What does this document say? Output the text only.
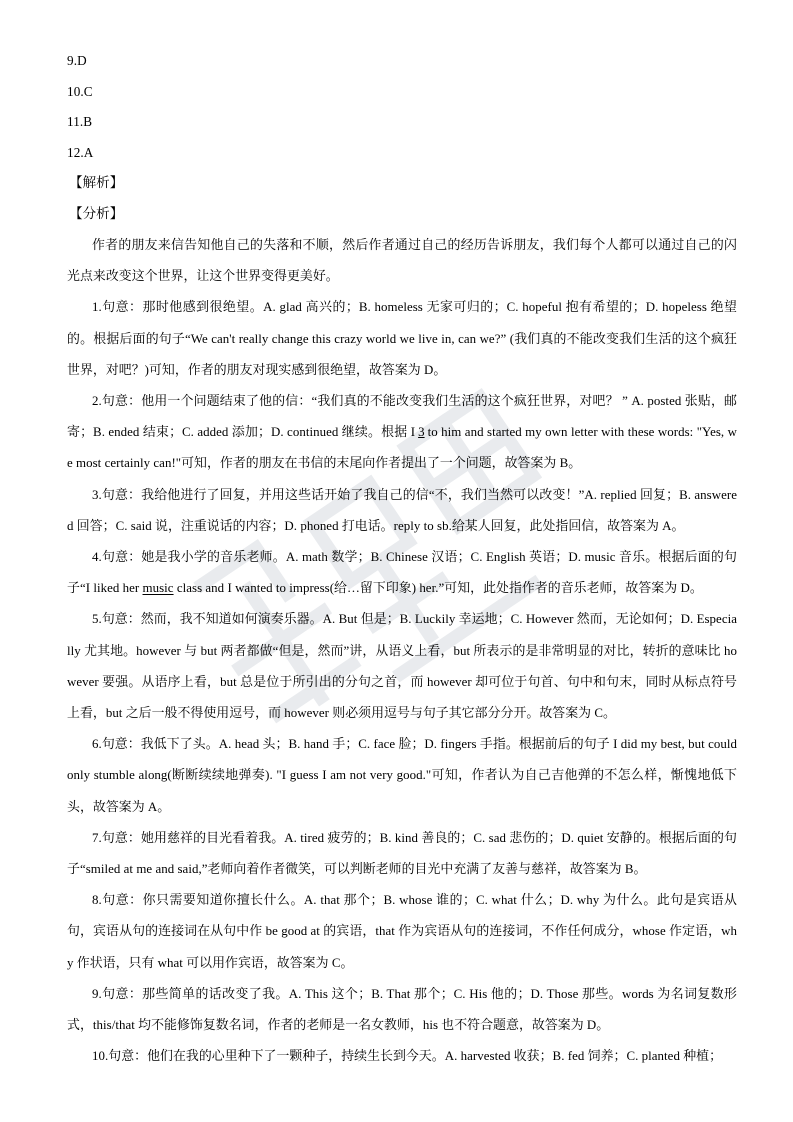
9.D
10.C
11.B
12.A
【解析】
【分析】

作者的朋友来信告知他自己的失落和不顺，然后作者通过自己的经历告诉朋友，我们每个人都可以通过自己的闪光点来改变这个世界，让这个世界变得更美好。

1.句意：那时他感到很绝望。A. glad 高兴的；B. homeless 无家可归的；C. hopeful 抱有希望的；D. hopeless 绝望的。根据后面的句子“We can't really change this crazy world we live in, can we?” (我们真的不能改变我们生活的这个疯狂世界，对吧？)可知，作者的朋友对现实感到很绝望，故答案为 D。

2.句意：他用一个问题结束了他的信：“我们真的不能改变我们生活的这个疯狂世界，对吧？ ” A. posted 张贴，邮寄；B. ended 结束；C. added 添加；D. continued 继续。根据 I 3 to him and started my own letter with these words: "Yes, we most certainly can!"可知，作者的朋友在书信的末尾向作者提出了一个问题，故答案为 B。

3.句意：我给他进行了回复，并用这些话开始了我自己的信“不，我们当然可以改变！”A. replied 回复；B. answered 回答；C. said 说，注重说话的内容；D. phoned 打电话。reply to sb.给某人回复，此处指回信，故答案为 A。

4.句意：她是我小学的音乐老师。A. math 数学；B. Chinese 汉语；C. English 英语；D. music 音乐。根据后面的句子“I liked her music class and I wanted to impress(给…留下印象) her.”可知，此处指作者的音乐老师，故答案为 D。

5.句意：然而，我不知道如何演奏乐器。A. But 但是；B. Luckily 幸运地；C. However 然而，无论如何；D. Especially 尤其地。however 与 but 两者都做“但是，然而”讲，从语义上看，but 所表示的是非常明显的对比，转折的意味比 however 要强。从语序上看，but 总是位于所引出的分句之首，而 however 却可位于句首、句中和句末，同时从标点符号上看，but 之后一般不得使用逗号，而 however 则必须用逗号与句子其它部分分开。故答案为 C。

6.句意：我低下了头。A. head 头；B. hand 手；C. face 脸；D. fingers 手指。根据前后的句子 I did my best, but could only stumble along(断断续续地弹奏). "I guess I am not very good."可知，作者认为自己吉他弹的不怎么样，惭愧地低下头，故答案为 A。

7.句意：她用慈祥的目光看着我。A. tired 疲劳的；B. kind 善良的；C. sad 悲伤的；D. quiet 安静的。根据后面的句子“smiled at me and said,”老师向着作者微笑，可以判断老师的目光中充满了友善与慈祥，故答案为 B。

8.句意：你只需要知道你擅长什么。A. that 那个；B. whose 谁的；C. what 什么；D. why 为什么。此句是宾语从句，宾语从句的连接词在从句中作 be good at 的宾语，that 作为宾语从句的连接词，不作任何成分，whose 作定语，why 作状语，只有 what 可以用作宾语，故答案为 C。

9.句意：那些简单的话改变了我。A. This 这个；B. That 那个；C. His 他的；D. Those 那些。words 为名词复数形式，this/that 均不能修饰复数名词，作者的老师是一名女教师，his 也不符合题意，故答案为 D。

10.句意：他们在我的心里种下了一颗种子，持续生长到今天。A. harvested 收获；B. fed 饲养；C. planted 种植；
